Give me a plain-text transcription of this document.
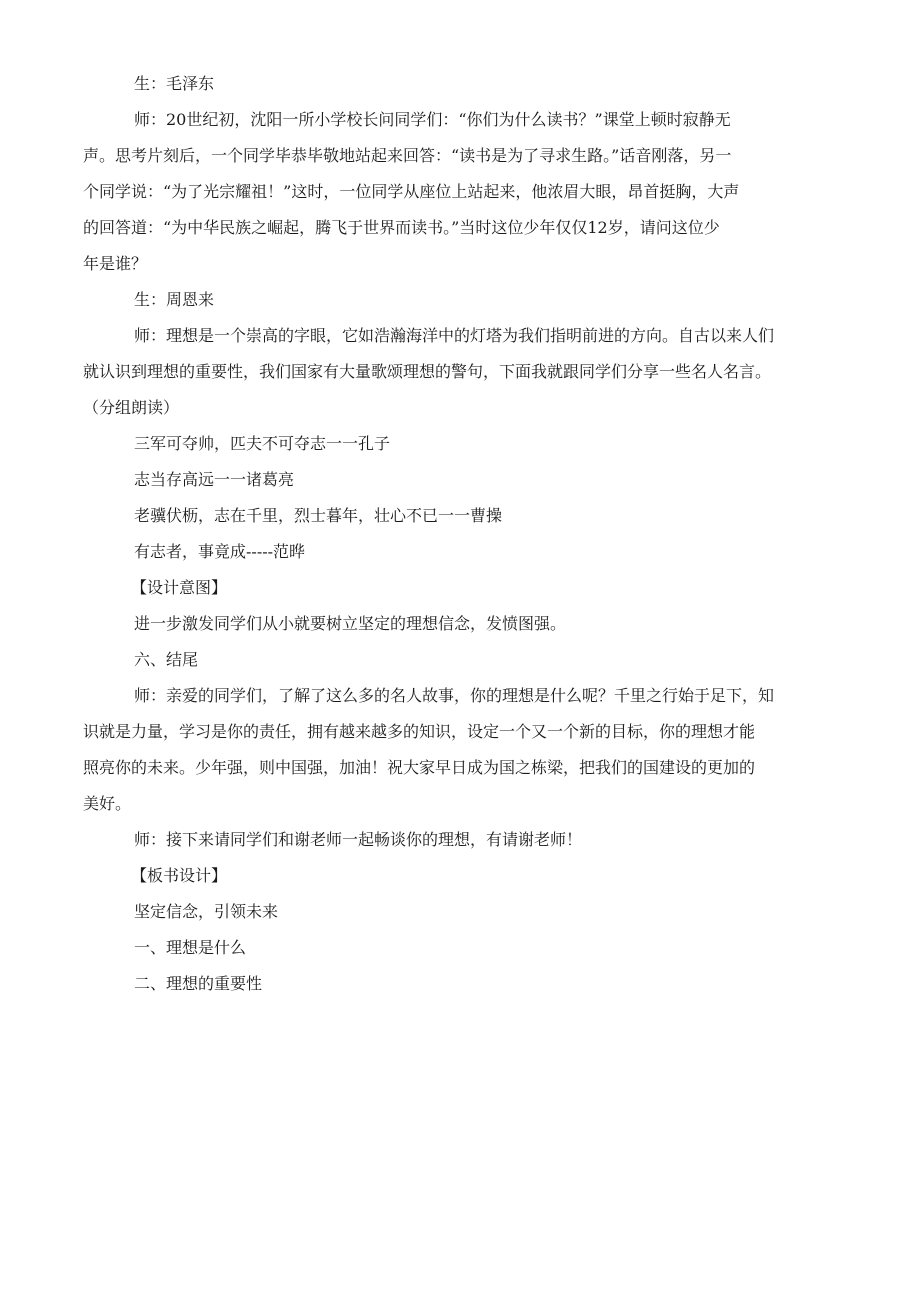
生：毛泽东
师：20世纪初，沈阳一所小学校长问同学们：“你们为什么读书？”课堂上顿时寂静无
声。思考片刻后，一个同学毕恭毕敬地站起来回答：“读书是为了寻求生路。”话音刚落，另一
个同学说：“为了光宗耀祖！”这时，一位同学从座位上站起来，他浓眉大眼，昂首挺胸，大声
的回答道：“为中华民族之崛起，腾飞于世界而读书。”当时这位少年仅仅12岁，请问这位少
年是谁？
生：周恩来
师：理想是一个崇高的字眼，它如浩瀚海洋中的灯塔为我们指明前进的方向。自古以来人们
就认识到理想的重要性，我们国家有大量歌颂理想的警句，下面我就跟同学们分享一些名人名言。
（分组朗读）
三军可夺帅，匹夫不可夺志一一孔子
志当存高远一一诸葛亮
老骥伏枥，志在千里，烈士暮年，壮心不已一一曹操
有志者，事竟成-----范晔
【设计意图】
进一步激发同学们从小就要树立坚定的理想信念，发愤图强。
六、结尾
师：亲爱的同学们，了解了这么多的名人故事，你的理想是什么呢？千里之行始于足下，知
识就是力量，学习是你的责任，拥有越来越多的知识，设定一个又一个新的目标，你的理想才能
照亮你的未来。少年强，则中国强，加油！祝大家早日成为国之栋梁，把我们的国建设的更加的
美好。
师：接下来请同学们和谢老师一起畅谈你的理想，有请谢老师！
【板书设计】
坚定信念，引领未来
一、理想是什么
二、理想的重要性
